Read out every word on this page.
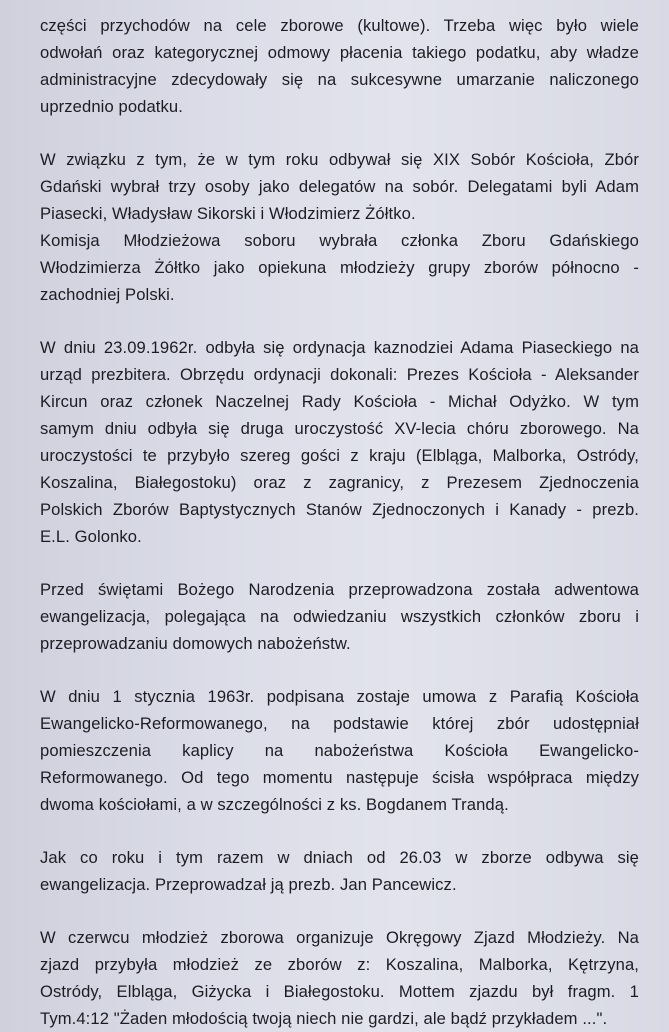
części przychodów na cele zborowe (kultowe). Trzeba więc było wiele
odwołań oraz kategorycznej odmowy płacenia takiego podatku, aby władze
administracyjne zdecydowały się na sukcesywne umarzanie naliczonego
uprzednio podatku.
W związku z tym, że w tym roku odbywał się XIX Sobór Kościoła, Zbór
Gdański wybrał trzy osoby jako delegatów na sobór. Delegatami byli Adam
Piasecki, Władysław Sikorski i Włodzimierz Żółtko.
Komisja Młodzieżowa soboru wybrała członka Zboru Gdańskiego
Włodzimierza Żółtko jako opiekuna młodzieży grupy zborów północno -
zachodniej Polski.
W dniu 23.09.1962r. odbyła się ordynacja kaznodziei Adama Piaseckiego na
urząd prezbitera. Obrzędu ordynacji dokonali: Prezes Kościoła - Aleksander
Kircun oraz członek Naczelnej Rady Kościoła - Michał Odyżko. W tym
samym dniu odbyła się druga uroczystość XV-lecia chóru zborowego. Na
uroczystości te przybyło szereg gości z kraju (Elbląga, Malborka, Ostródy,
Koszalina, Białegostoku) oraz z zagranicy, z Prezesem Zjednoczenia
Polskich Zborów Baptystycznych Stanów Zjednoczonych i Kanady - prezb.
E.L. Golonko.
Przed świętami Bożego Narodzenia przeprowadzona została adwentowa
ewangelizacja, polegająca na odwiedzaniu wszystkich członków zboru i
przeprowadzaniu domowych nabożeństw.
W dniu 1 stycznia 1963r. podpisana zostaje umowa z Parafią Kościoła
Ewangelicko-Reformowanego, na podstawie której zbór udostępniał
pomieszczenia kaplicy na nabożeństwa Kościoła Ewangelicko-
Reformowanego. Od tego momentu następuje ścisła współpraca między
dwoma kościołami, a w szczególności z ks. Bogdanem Trandą.
Jak co roku i tym razem w dniach od 26.03 w zborze odbywa się
ewangelizacja. Przeprowadzał ją prezb. Jan Pancewicz.
W czerwcu młodzież zborowa organizuje Okręgowy Zjazd Młodzieży. Na
zjazd przybyła młodzież ze zborów z: Koszalina, Malborka, Kętrzyna,
Ostródy, Elbląga, Giżycka i Białegostoku. Mottem zjazdu był fragm. 1
Tym.4:12 "Żaden młodością twoją niech nie gardzi, ale bądź przykładem ...".
